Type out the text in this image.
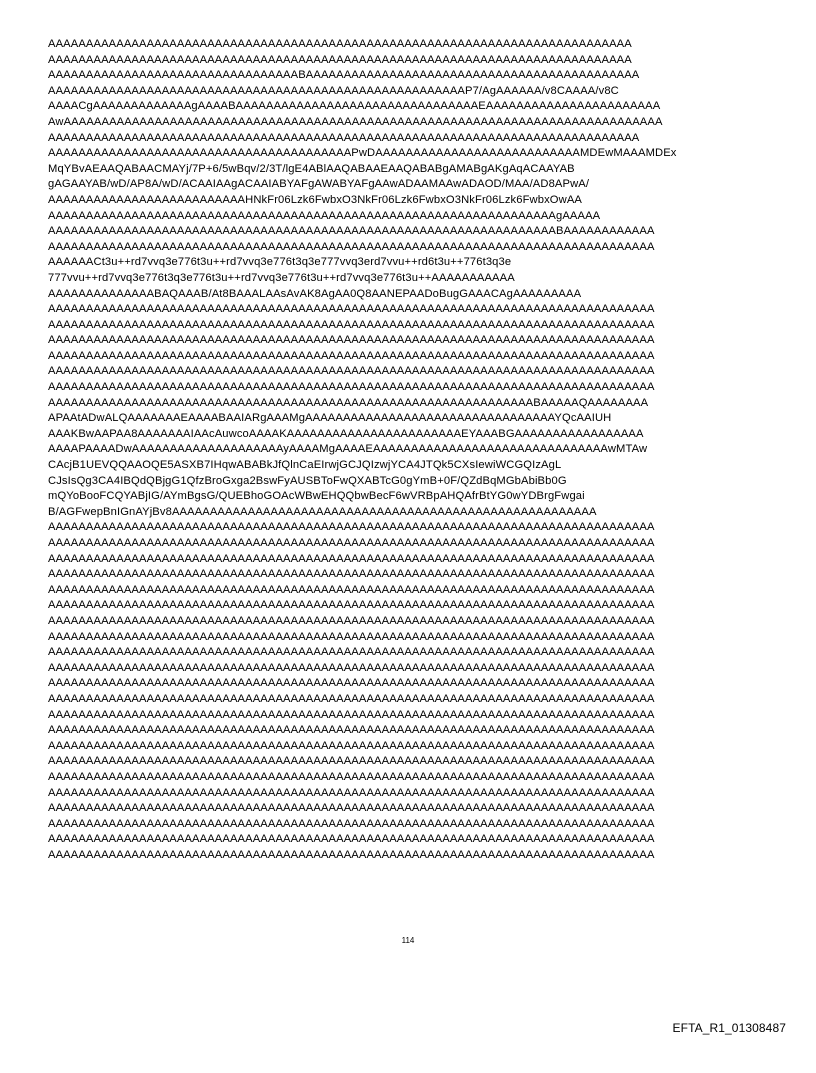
AAAAAAAAAAAAAAAAAAAAAAAAAAAAAAAAAAAAAAAAAAAAAAAAAAAAAAAAAAAAAAAAAAAAAAAAAAAAA
AAAAAAAAAAAAAAAAAAAAAAAAAAAAAAAAAAAAAAAAAAAAAAAAAAAAAAAAAAAAAAAAAAAAAAAAAAAAA
AAAAAAAAAAAAAAAAAAAAAAAAAAAAAAAAABAAAAAAAAAAAAAAAAAAAAAAAAAAAAAAAAAAAAAAAAAAAA
AAAAAAAAAAAAAAAAAAAAAAAAAAAAAAAAAAAAAAAAAAAAAAAAAAAAAAAP7/AgAAAAAA/v8CAAAA/v8C
AAAACgAAAAAAAAAAAAAgAAAABAAAAAAAAAAAAAAAAAAAAAAAAAAAAAAAAEAAAAAAAAAAAAAAAAAAAAAAA
AwAAAAAAAAAAAAAAAAAAAAAAAAAAAAAAAAAAAAAAAAAAAAAAAAAAAAAAAAAAAAAAAAAAAAAAAAAAAAAAA
AAAAAAAAAAAAAAAAAAAAAAAAAAAAAAAAAAAAAAAAAAAAAAAAAAAAAAAAAAAAAAAAAAAAAAAAAAAAAA
AAAAAAAAAAAAAAAAAAAAAAAAAAAAAAAAAAAAAAAAPwDAAAAAAAAAAAAAAAAAAAAAAAAAAAMDEwMAAAMDEx
MqYBvAEAAQABAACMAYj/7P+6/5wBqv/2/3T/lgE4ABlAAQABAAEAAQABABgAMABgAKgAqACAAYAB
gAGAAYAB/wD/AP8A/wD/ACAAIAAgACAAIABYAFgAWABYAFgAAwADAAMAAwADAOD/MAA/AD8APwA/
AAAAAAAAAAAAAAAAAAAAAAAAAAHNkFr06Lzk6FwbxO3NkFr06Lzk6FwbxO3NkFr06Lzk6FwbxOwAA
AAAAAAAAAAAAAAAAAAAAAAAAAAAAAAAAAAAAAAAAAAAAAAAAAAAAAAAAAAAAAAAAAAAgAAAAA
AAAAAAAAAAAAAAAAAAAAAAAAAAAAAAAAAAAAAAAAAAAAAAAAAAAAAAAAAAAAAAAAAAABAAAAAAAAAAAA
AAAAAAAAAAAAAAAAAAAAAAAAAAAAAAAAAAAAAAAAAAAAAAAAAAAAAAAAAAAAAAAAAAAAAAAAAAAAAAAA
AAAAAACt3u++rd7vvq3e776t3u++rd7vvq3e776t3q3e777vvq3erd7vvu++rd6t3u++776t3q3e
777vvu++rd7vvq3e776t3q3e776t3u++rd7vvq3e776t3u++rd7vvq3e776t3u++AAAAAAAAAAA
AAAAAAAAAAAAAABAQAAAB/At8BAAALAAsAvAK8AgAA0Q8AANEPAADoBugGAAACAgAAAAAAAAA
AAAAAAAAAAAAAAAAAAAAAAAAAAAAAAAAAAAAAAAAAAAAAAAAAAAAAAAAAAAAAAAAAAAAAAAAAAAAAAAA
AAAAAAAAAAAAAAAAAAAAAAAAAAAAAAAAAAAAAAAAAAAAAAAAAAAAAAAAAAAAAAAAAAAAAAAAAAAAAAAA
AAAAAAAAAAAAAAAAAAAAAAAAAAAAAAAAAAAAAAAAAAAAAAAAAAAAAAAAAAAAAAAAAAAAAAAAAAAAAAAA
AAAAAAAAAAAAAAAAAAAAAAAAAAAAAAAAAAAAAAAAAAAAAAAAAAAAAAAAAAAAAAAAAAAAAAAAAAAAAAAA
AAAAAAAAAAAAAAAAAAAAAAAAAAAAAAAAAAAAAAAAAAAAAAAAAAAAAAAAAAAAAAAAAAAAAAAAAAAAAAAA
AAAAAAAAAAAAAAAAAAAAAAAAAAAAAAAAAAAAAAAAAAAAAAAAAAAAAAAAAAAAAAAAAAAAAAAAAAAAAAAA
AAAAAAAAAAAAAAAAAAAAAAAAAAAAAAAAAAAAAAAAAAAAAAAAAAAAAAAAAAAAAAAABAAAAAQAAAAAAAA
APAAtADwALQAAAAAAAEAAAABAAIARgAAAMgAAAAAAAAAAAAAAAAAAAAAAAAAAAAAAAAAYQcAAIUH
AAAKBwAAPAA8AAAAAAAIAAcAuwcoAAAAKAAAAAAAAAAAAAAAAAAAAAAAEYAAABGAAAAAAAAAAAAAAAAA
AAAAPAAAADwAAAAAAAAAAAAAAAAAAAAyAAAAMgAAAAEAAAAAAAAAAAAAAAAAAAAAAAAAAAAAAAwMTAw
CAcjB1UEVQQAAOQE5ASXB7IHqwABABkJfQlnCaEIrwjGCJQIzwjYCA4JTQk5CXsIewiWCGQIzAgL
CJsIsQg3CA4IBQdQBjgG1QfzBroGxga2BswFyAUSBToFwQXABTcG0gYmB+0F/QZdBqMGbAbiBb0G
mQYoBooFCQYABjIG/AYmBgsG/QUEBhoGOAcWBwEHQQbwBecF6wVRBpAHQAfrBtYG0wYDBrgFwgai
B/AGFwepBnIGnAYjBv8AAAAAAAAAAAAAAAAAAAAAAAAAAAAAAAAAAAAAAAAAAAAAAAAAAAAAAAA
AAAAAAAAAAAAAAAAAAAAAAAAAAAAAAAAAAAAAAAAAAAAAAAAAAAAAAAAAAAAAAAAAAAAAAAAAAAAAAAA
AAAAAAAAAAAAAAAAAAAAAAAAAAAAAAAAAAAAAAAAAAAAAAAAAAAAAAAAAAAAAAAAAAAAAAAAAAAAAAAA
AAAAAAAAAAAAAAAAAAAAAAAAAAAAAAAAAAAAAAAAAAAAAAAAAAAAAAAAAAAAAAAAAAAAAAAAAAAAAAAA
AAAAAAAAAAAAAAAAAAAAAAAAAAAAAAAAAAAAAAAAAAAAAAAAAAAAAAAAAAAAAAAAAAAAAAAAAAAAAAAA
AAAAAAAAAAAAAAAAAAAAAAAAAAAAAAAAAAAAAAAAAAAAAAAAAAAAAAAAAAAAAAAAAAAAAAAAAAAAAAAA
AAAAAAAAAAAAAAAAAAAAAAAAAAAAAAAAAAAAAAAAAAAAAAAAAAAAAAAAAAAAAAAAAAAAAAAAAAAAAAAA
AAAAAAAAAAAAAAAAAAAAAAAAAAAAAAAAAAAAAAAAAAAAAAAAAAAAAAAAAAAAAAAAAAAAAAAAAAAAAAAA
AAAAAAAAAAAAAAAAAAAAAAAAAAAAAAAAAAAAAAAAAAAAAAAAAAAAAAAAAAAAAAAAAAAAAAAAAAAAAAAA
AAAAAAAAAAAAAAAAAAAAAAAAAAAAAAAAAAAAAAAAAAAAAAAAAAAAAAAAAAAAAAAAAAAAAAAAAAAAAAAA
AAAAAAAAAAAAAAAAAAAAAAAAAAAAAAAAAAAAAAAAAAAAAAAAAAAAAAAAAAAAAAAAAAAAAAAAAAAAAAAA
AAAAAAAAAAAAAAAAAAAAAAAAAAAAAAAAAAAAAAAAAAAAAAAAAAAAAAAAAAAAAAAAAAAAAAAAAAAAAAAA
AAAAAAAAAAAAAAAAAAAAAAAAAAAAAAAAAAAAAAAAAAAAAAAAAAAAAAAAAAAAAAAAAAAAAAAAAAAAAAAA
AAAAAAAAAAAAAAAAAAAAAAAAAAAAAAAAAAAAAAAAAAAAAAAAAAAAAAAAAAAAAAAAAAAAAAAAAAAAAAAA
AAAAAAAAAAAAAAAAAAAAAAAAAAAAAAAAAAAAAAAAAAAAAAAAAAAAAAAAAAAAAAAAAAAAAAAAAAAAAAAA
AAAAAAAAAAAAAAAAAAAAAAAAAAAAAAAAAAAAAAAAAAAAAAAAAAAAAAAAAAAAAAAAAAAAAAAAAAAAAAAA
AAAAAAAAAAAAAAAAAAAAAAAAAAAAAAAAAAAAAAAAAAAAAAAAAAAAAAAAAAAAAAAAAAAAAAAAAAAAAAAA
AAAAAAAAAAAAAAAAAAAAAAAAAAAAAAAAAAAAAAAAAAAAAAAAAAAAAAAAAAAAAAAAAAAAAAAAAAAAAAAA
AAAAAAAAAAAAAAAAAAAAAAAAAAAAAAAAAAAAAAAAAAAAAAAAAAAAAAAAAAAAAAAAAAAAAAAAAAAAAAAA
AAAAAAAAAAAAAAAAAAAAAAAAAAAAAAAAAAAAAAAAAAAAAAAAAAAAAAAAAAAAAAAAAAAAAAAAAAAAAAAA
AAAAAAAAAAAAAAAAAAAAAAAAAAAAAAAAAAAAAAAAAAAAAAAAAAAAAAAAAAAAAAAAAAAAAAAAAAAAAAAA
AAAAAAAAAAAAAAAAAAAAAAAAAAAAAAAAAAAAAAAAAAAAAAAAAAAAAAAAAAAAAAAAAAAAAAAAAAAAAAAA
AAAAAAAAAAAAAAAAAAAAAAAAAAAAAAAAAAAAAAAAAAAAAAAAAAAAAAAAAAAAAAAAAAAAAAAAAAAAAAAA
114
EFTA_R1_01308487
